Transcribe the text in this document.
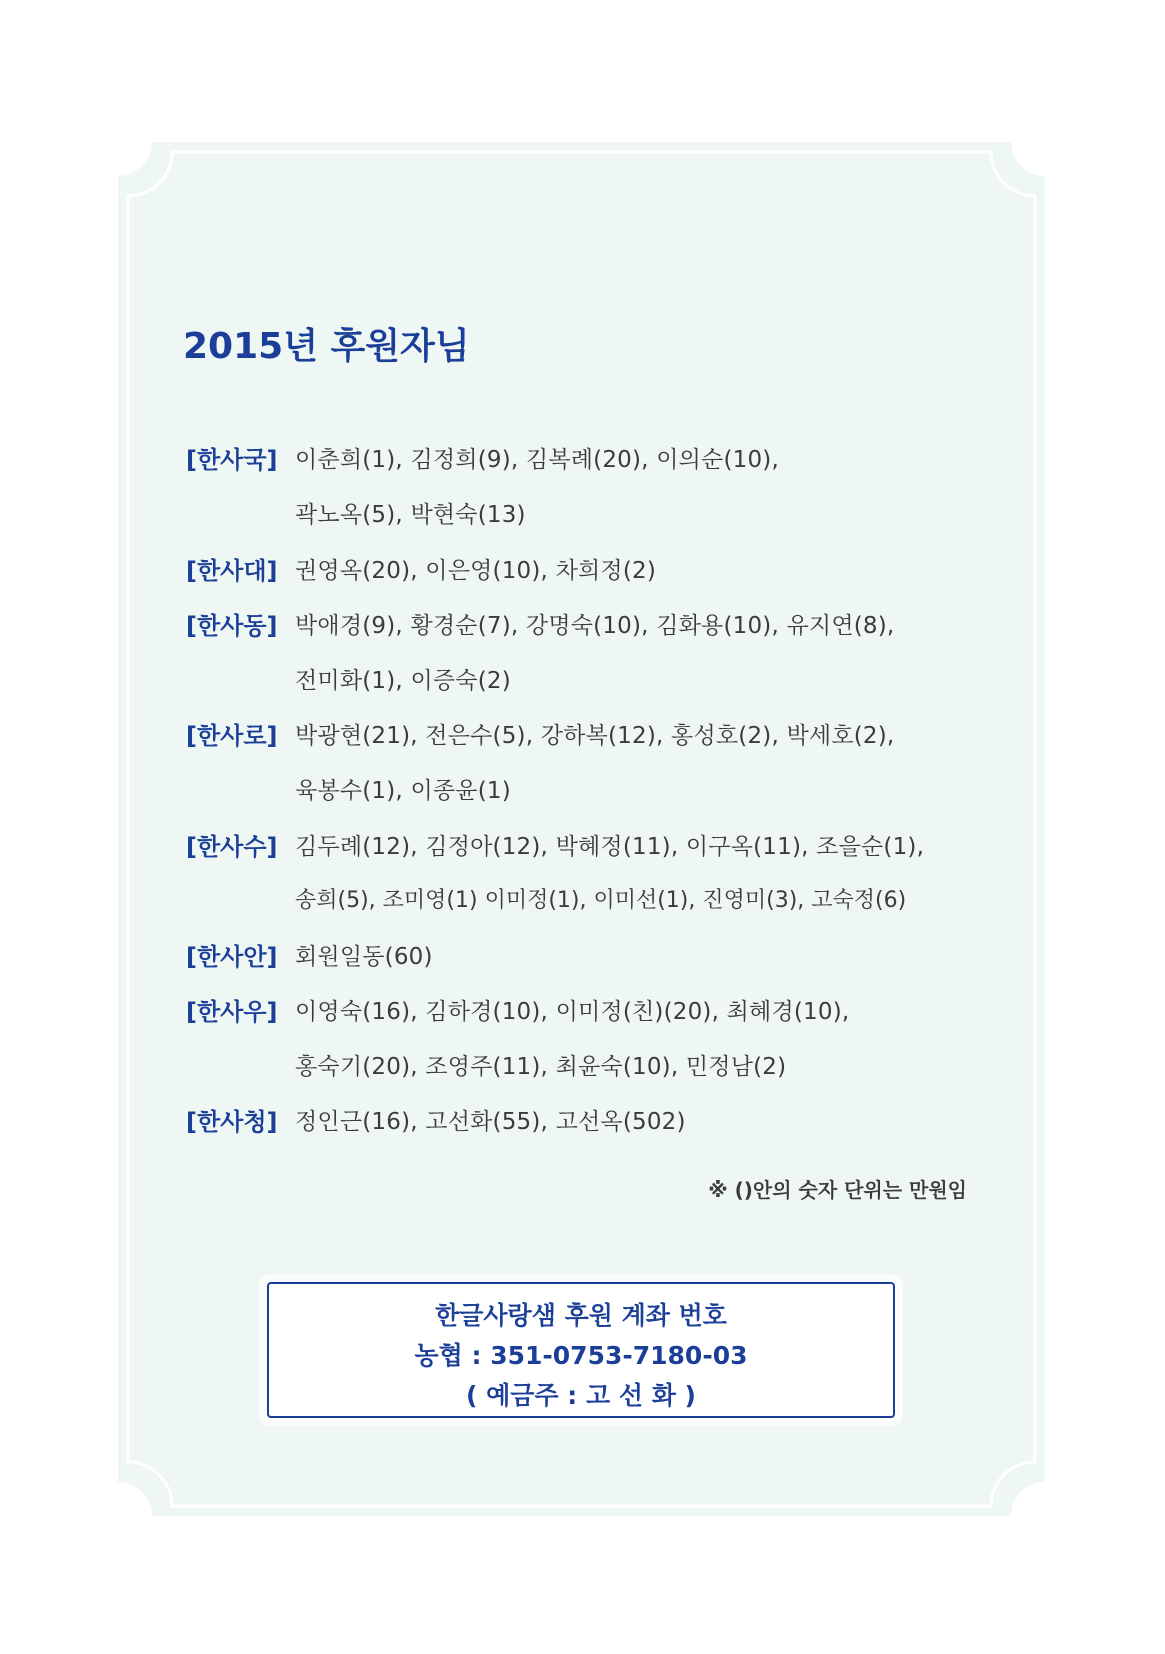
2015년 후원자님
[한사국] 이춘희(1), 김정희(9), 김복례(20), 이의순(10),
곽노옥(5), 박현숙(13)
[한사대] 권영옥(20), 이은영(10), 차희정(2)
[한사동] 박애경(9), 황경순(7), 강명숙(10), 김화용(10), 유지연(8),
전미화(1), 이증숙(2)
[한사로] 박광현(21), 전은수(5), 강하복(12), 홍성호(2), 박세호(2),
육봉수(1), 이종윤(1)
[한사수] 김두례(12), 김정아(12), 박혜정(11), 이구옥(11), 조을순(1),
송희(5), 조미영(1) 이미정(1), 이미선(1), 진영미(3), 고숙정(6)
[한사안] 회원일동(60)
[한사우] 이영숙(16), 김하경(10), 이미정(친)(20), 최혜경(10),
홍숙기(20), 조영주(11), 최윤숙(10), 민정남(2)
[한사청] 정인근(16), 고선화(55), 고선옥(502)
※ ()안의 숫자 단위는 만원임
한글사랑샘 후원 계좌 번호
농협 : 351-0753-7180-03
( 예금주 : 고 선 화 )
